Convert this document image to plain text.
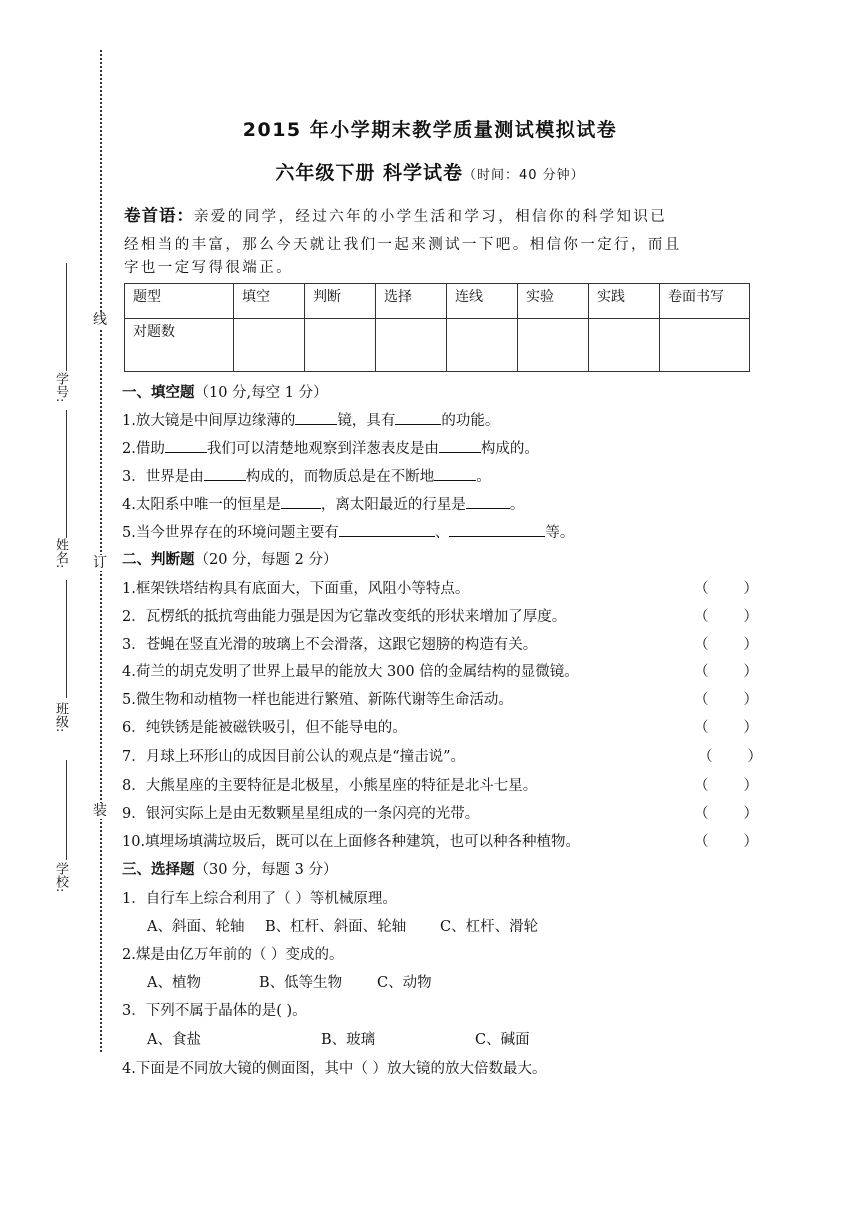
线
订
装
学号:
姓名:
班级:
学校:
2015 年小学期末教学质量测试模拟试卷
六年级下册 科学试卷（时间：40 分钟）
卷首语：亲爱的同学，经过六年的小学生活和学习，相信你的科学知识已
经相当的丰富，那么今天就让我们一起来测试一下吧。相信你一定行，而且
字也一定写得很端正。
题型	填空	判断	选择	连线	实验	实践	卷面书写
对题数							
一、填空题（10 分,每空 1 分）
1.放大镜是中间厚边缘薄的	镜，具有	的功能。
2.借助	我们可以清楚地观察到洋葱表皮是由	构成的。
3．世界是由	构成的，而物质总是在不断地	。
4.太阳系中唯一的恒星是	，离太阳最近的行星是	。
5.当今世界存在的环境问题主要有	、	等。
二、判断题（20 分，每题 2 分）
1.框架铁塔结构具有底面大，下面重，风阻小等特点。	（ ）
2．瓦楞纸的抵抗弯曲能力强是因为它靠改变纸的形状来增加了厚度。	（ ）
3．苍蝇在竖直光滑的玻璃上不会滑落，这跟它翅膀的构造有关。	（ ）
4.荷兰的胡克发明了世界上最早的能放大 300 倍的金属结构的显微镜。	（ ）
5.微生物和动植物一样也能进行繁殖、新陈代谢等生命活动。	（ ）
6．纯铁锈是能被磁铁吸引，但不能导电的。	（ ）
7．月球上环形山的成因目前公认的观点是“撞击说”。	（ ）
8．大熊星座的主要特征是北极星，小熊星座的特征是北斗七星。	（ ）
9．银河实际上是由无数颗星星组成的一条闪亮的光带。	（ ）
10.填埋场填满垃圾后，既可以在上面修各种建筑，也可以种各种植物。	（ ）
三、选择题（30 分，每题 3 分）
1．自行车上综合利用了（ ）等机械原理。
A、斜面、轮轴 B、杠杆、斜面、轮轴 C、杠杆、滑轮
2.煤是由亿万年前的（ ）变成的。
A、植物	B、低等生物 C、动物
3．下列不属于晶体的是( )。
A、食盐	B、玻璃	C、碱面
4.下面是不同放大镜的侧面图，其中（ ）放大镜的放大倍数最大。
